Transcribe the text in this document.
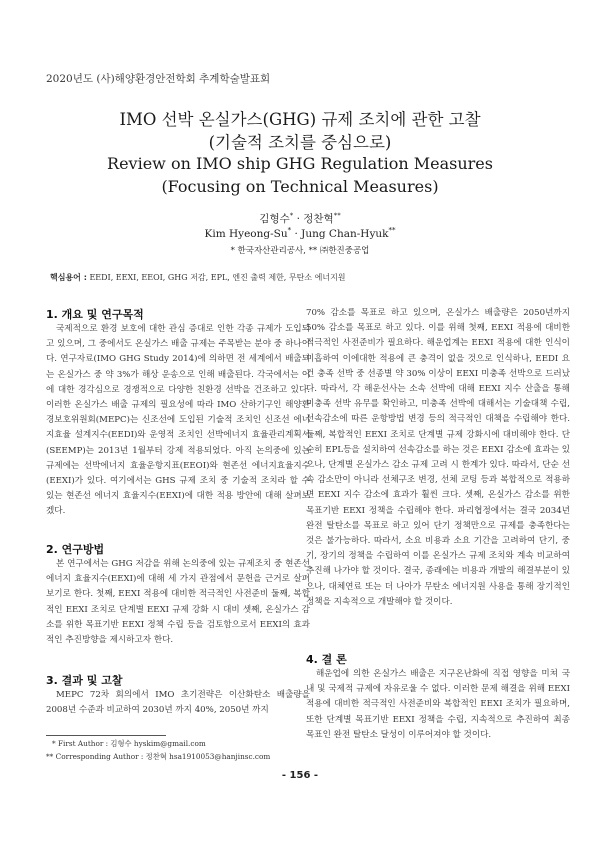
2020년도 (사)해양환경안전학회 추계학술발표회
IMO 선박 온실가스(GHG) 규제 조치에 관한 고찰
(기술적 조치를 중심으로)
Review on IMO ship GHG Regulation Measures
(Focusing on Technical Measures)
김형수* · 정찬혁**
Kim Hyeong-Su* · Jung Chan-Hyuk**
* 한국자산관리공사, ** ㈜한진중공업
핵심용어 : EEDI, EEXI, EEOI, GHG 저감, EPL, 엔진 출력 제한, 무탄소 에너지원
1. 개요 및 연구목적

국제적으로 환경 보호에 대한 관심 증대로 인한 각종 규제가 도입되고 있으며, 그 중에서도 온실가스 배출 규제는 주목받는 분야 중 하나이다. 연구자료(IMO GHG Study 2014)에 의하면 전 세계에서 배출되는 온실가스 중 약 3%가 해상 운송으로 인해 배출된다. 각국에서는 이에 대한 경각심으로 경쟁적으로 다양한 친환경 선박을 건조하고 있다. 이러한 온실가스 배출 규제의 필요성에 따라 IMO 산하기구인 해양환경보호위원회(MEPC)는 신조선에 도입된 기술적 조치인 신조선 에너지효율 설계지수(EEDI)와 운영적 조치인 선박에너지 효율관리계획서(SEEMP)는 2013년 1월부터 강제 적용되었다. 아직 논의중에 있는 규제에는 선박에너지 효율운항지표(EEOI)와 현존선 에너지효율지수(EEXI)가 있다. 여기에서는 GHS 규제 조치 중 기술적 조치라 할 수 있는 현존선 에너지 효율지수(EEXI)에 대한 적용 방안에 대해 살펴보겠다.

2. 연구방법

본 연구에서는 GHG 저감을 위해 논의중에 있는 규제조치 중 현존선 에너지 효율지수(EEXI)에 대해 세 가지 관점에서 문헌을 근거로 살펴보기로 한다. 첫째, EEXI 적용에 대비한 적극적인 사전준비 둘째, 복합적인 EEXI 조치로 단계별 EEXI 규제 강화 시 대비 셋째, 온실가스 감소를 위한 목표기반 EEXI 정책 수립 등을 검토함으로서 EEXI의 효과적인 추진방향을 제시하고자 한다.

3. 결과 및 고찰

MEPC 72차 회의에서 IMO 초기전략은 이산화탄소 배출량을 2008년 수준과 비교하여 2030년 까지 40%, 2050년 까지

* First Author : 김형수 hyskim@gmail.com
** Corresponding Author : 정찬혁 hsa1910053@hanjinsc.com

70% 감소를 목표로 하고 있으며, 온실가스 배출량은 2050년까지 50% 감소를 목표로 하고 있다. 이를 위해 첫째, EEXI 적용에 대비한 적극적인 사전준비가 필요하다. 해운업계는 EEXI 적용에 대한 인식이 미흡하여 이에대한 적용에 큰 충격이 없을 것으로 인식하나, EEDI 요건 충족 선박 중 선종별 약 30% 이상이 EEXI 미충족 선박으로 드러났다. 따라서, 각 해운선사는 소속 선박에 대해 EEXI 지수 산출을 통해 미충족 선박 유무를 확인하고, 미충족 선박에 대해서는 기술대책 수립, 선속감소에 따른 운항방법 변경 등의 적극적인 대책을 수립해야 한다. 둘째, 복합적인 EEXI 조치로 단계별 규제 강화시에 대비해야 한다. 단순히 EPL등을 설치하여 선속감소를 하는 것은 EEXI 감소에 효과는 있으나, 단계별 온실가스 감소 규제 고려 시 한계가 있다. 따라서, 단순 선속 감소만이 아니라 선체구조 변경, 선체 코팅 등과 복합적으로 적용하면 EEXI 지수 감소에 효과가 훨씬 크다. 셋째, 온실가스 감소를 위한 목표기반 EEXI 정책을 수립해야 한다. 파리협정에서는 결국 2034년 완전 탈탄소를 목표로 하고 있어 단기 정책만으로 규제를 충족한다는 것은 불가능하다. 따라서, 소요 비용과 소요 기간을 고려하여 단기, 중기, 장기의 정책을 수립하여 이를 온실가스 규제 조치와 계속 비교하여 추진해 나가야 할 것이다. 결국, 종래에는 비용과 개발의 해결부분이 있으나, 대체연료 또는 더 나아가 무탄소 에너지원 사용을 통해 장기적인 정책을 지속적으로 개발해야 할 것이다.

4. 결 론

해운업에 의한 온실가스 배출은 지구온난화에 직접 영향을 미쳐 국내 및 국제적 규제에 자유로울 수 없다. 이러한 문제 해결을 위해 EEXI 적용에 대비한 적극적인 사전준비와 복합적인 EEXI 조치가 필요하며, 또한 단계별 목표기반 EEXI 정책을 수립, 지속적으로 추진하여 최종 목표인 완전 탈탄소 달성이 이루어져야 할 것이다.

- 156 -
